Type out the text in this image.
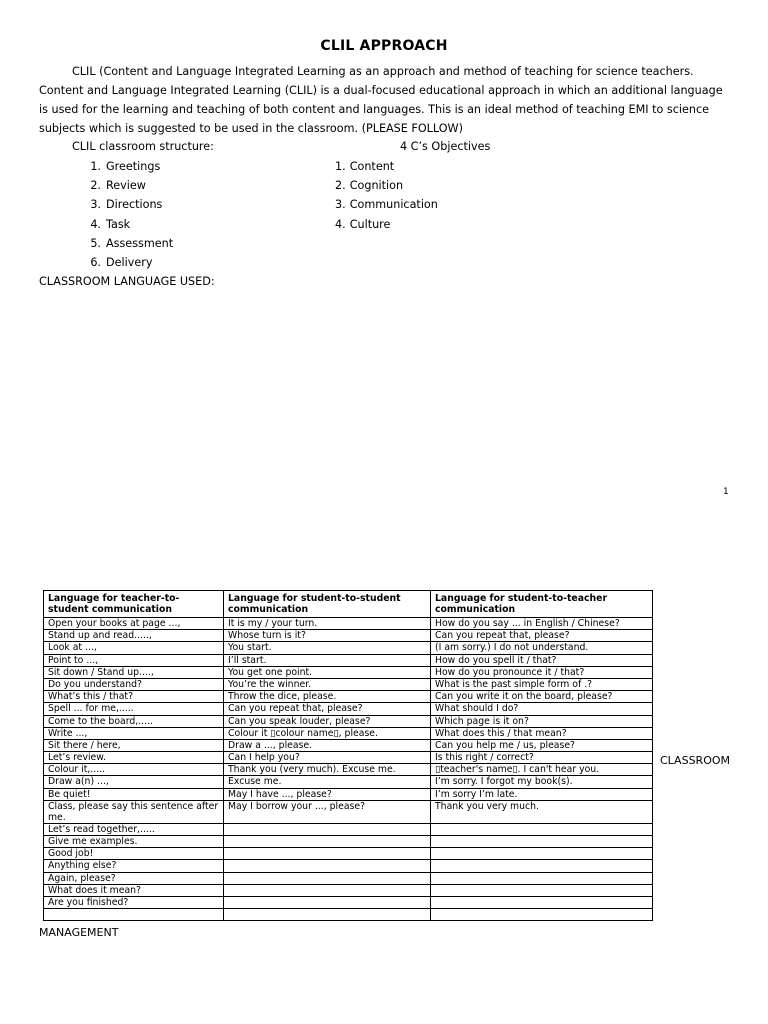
CLIL APPROACH
CLIL (Content and Language Integrated Learning as an approach and method of teaching for science teachers. Content and Language Integrated Learning (CLIL) is a dual-focused educational approach in which an additional language is used for the learning and teaching of both content and languages. This is an ideal method of teaching EMI to science subjects which is suggested to be used in the classroom. (PLEASE FOLLOW)
CLIL classroom structure:	4 C’s Objectives
1. Greetings
2. Review
3. Directions
4. Task
5. Assessment
6. Delivery
1. Content
2. Cognition
3. Communication
4. Culture
CLASSROOM LANGUAGE USED:
1
Language for teacher-to-student communication	Language for student-to-student communication	Language for student-to-teacher communication
Open your books at page ...,	It is my / your turn.	How do you say ... in English / Chinese?
Stand up and read.....,	Whose turn is it?	Can you repeat that, please?
Look at ...,	You start.	(I am sorry.) I do not understand.
Point to ...,	I’ll start.	How do you spell it / that?
Sit down / Stand up....,	You get one point.	How do you pronounce it / that?
Do you understand?	You’re the winner.	What is the past simple form of .?
What’s this / that?	Throw the dice, please.	Can you write it on the board, please?
Spell ... for me,.....	Can you repeat that, please?	What should I do?
Come to the board,.....	Can you speak louder, please?	Which page is it on?
Write ...,	Colour it ▯colour name▯, please.	What does this / that mean?
Sit there / here,	Draw a ..., please.	Can you help me / us, please?
Let’s review.	Can I help you?	Is this right / correct?
Colour it,.....	Thank you (very much). Excuse me.	▯teacher's name▯. I can't hear you.
Draw a(n) ...,	Excuse me.	I’m sorry. I forgot my book(s).
Be quiet!	May I have ..., please?	I’m sorry I’m late.
Class, please say this sentence after me.	May I borrow your ..., please?	Thank you very much.
Let’s read together,.....		
Give me examples.		
Good job!		
Anything else?		
Again, please?		
What does it mean?		
Are you finished?		

CLASSROOM
MANAGEMENT
